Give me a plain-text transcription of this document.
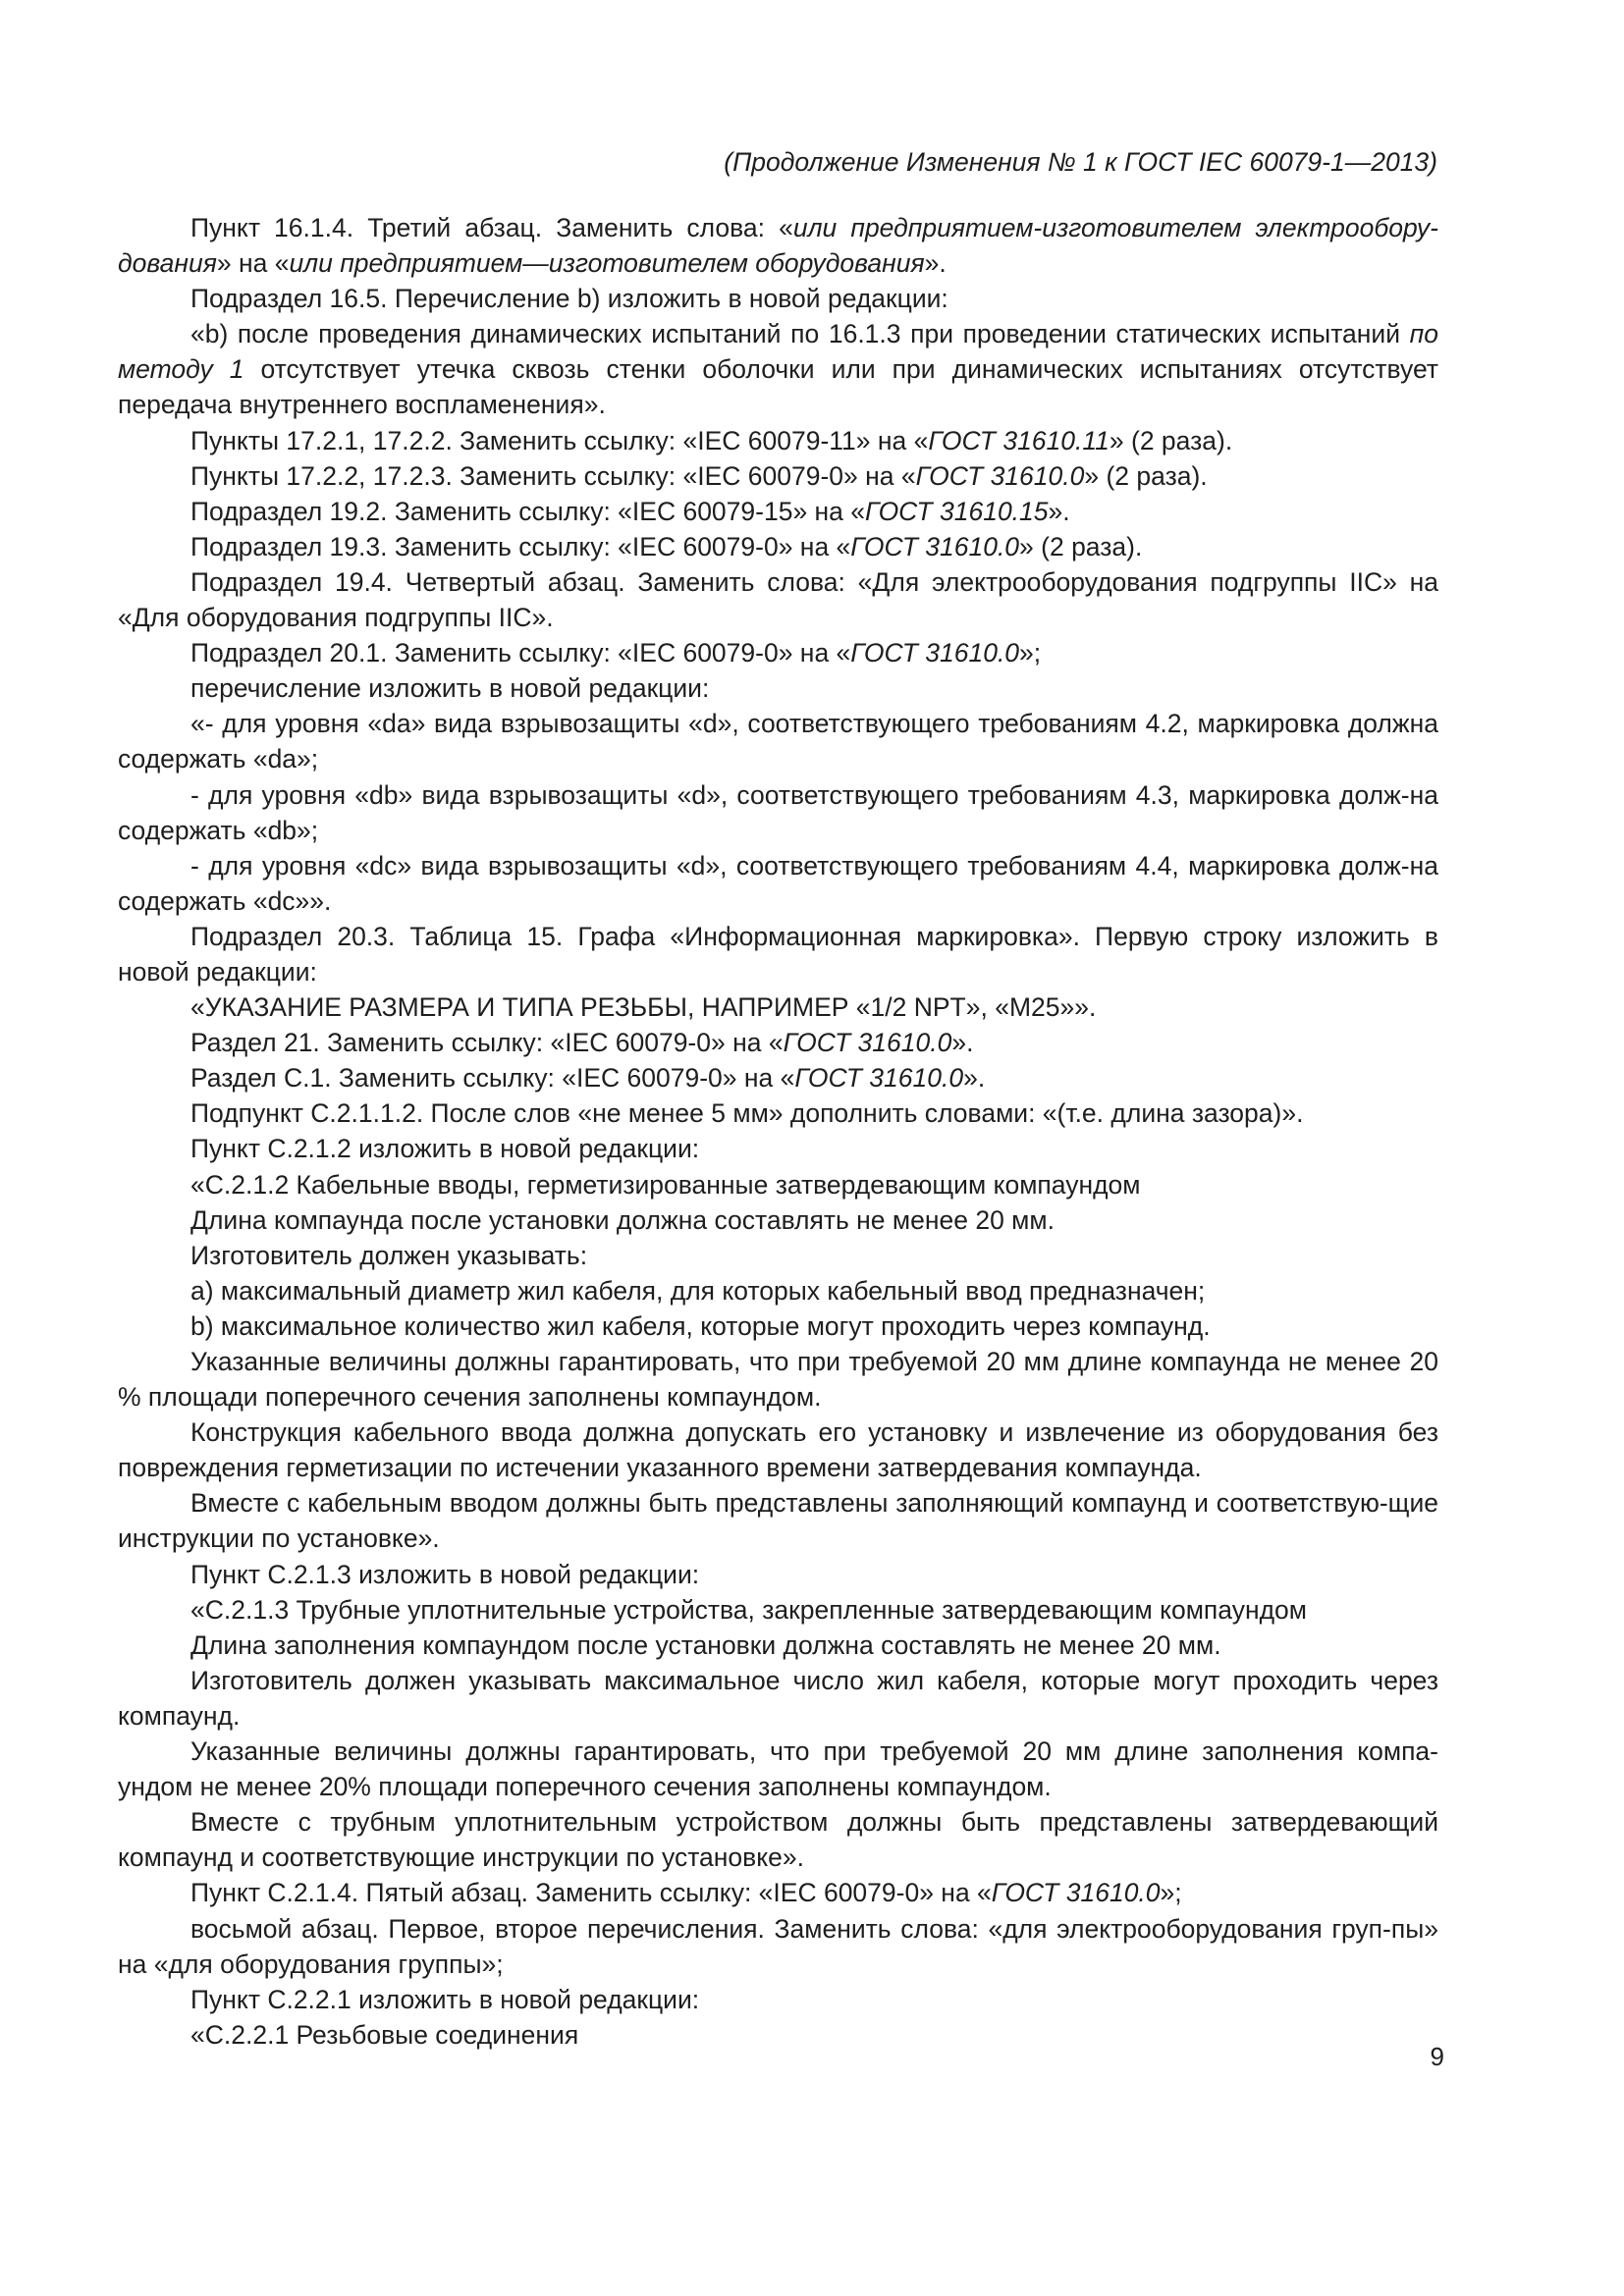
(Продолжение Изменения № 1 к ГОСТ IEC 60079-1—2013)

Пункт 16.1.4. Третий абзац. Заменить слова: «или предприятием-изготовителем электрообору-дования» на «или предприятием—изготовителем оборудования».

Подраздел 16.5. Перечисление b) изложить в новой редакции:

«b) после проведения динамических испытаний по 16.1.3 при проведении статических испытаний по методу 1 отсутствует утечка сквозь стенки оболочки или при динамических испытаниях отсутствует передача внутреннего воспламенения».

Пункты 17.2.1, 17.2.2. Заменить ссылку: «IEC 60079-11» на «ГОСТ 31610.11» (2 раза).

Пункты 17.2.2, 17.2.3. Заменить ссылку: «IEC 60079-0» на «ГОСТ 31610.0» (2 раза).

Подраздел 19.2. Заменить ссылку: «IEC 60079-15» на «ГОСТ 31610.15».

Подраздел 19.3. Заменить ссылку: «IEC 60079-0» на «ГОСТ 31610.0» (2 раза).

Подраздел 19.4. Четвертый абзац. Заменить слова: «Для электрооборудования подгруппы IIC» на «Для оборудования подгруппы IIC».

Подраздел 20.1. Заменить ссылку: «IEC 60079-0» на «ГОСТ 31610.0»;

перечисление изложить в новой редакции:

«- для уровня «da» вида взрывозащиты «d», соответствующего требованиям 4.2, маркировка должна содержать «da»;

- для уровня «db» вида взрывозащиты «d», соответствующего требованиям 4.3, маркировка долж-на содержать «db»;

- для уровня «dc» вида взрывозащиты «d», соответствующего требованиям 4.4, маркировка долж-на содержать «dc»».

Подраздел 20.3. Таблица 15. Графа «Информационная маркировка». Первую строку изложить в новой редакции:

«УКАЗАНИЕ РАЗМЕРА И ТИПА РЕЗЬБЫ, НАПРИМЕР «1/2 NPT», «M25»».

Раздел 21. Заменить ссылку: «IEC 60079-0» на «ГОСТ 31610.0».

Раздел С.1. Заменить ссылку: «IEC 60079-0» на «ГОСТ 31610.0».

Подпункт С.2.1.1.2. После слов «не менее 5 мм» дополнить словами: «(т.е. длина зазора)».

Пункт С.2.1.2 изложить в новой редакции:

«С.2.1.2 Кабельные вводы, герметизированные затвердевающим компаундом

Длина компаунда после установки должна составлять не менее 20 мм.

Изготовитель должен указывать:

a) максимальный диаметр жил кабеля, для которых кабельный ввод предназначен;

b) максимальное количество жил кабеля, которые могут проходить через компаунд.

Указанные величины должны гарантировать, что при требуемой 20 мм длине компаунда не менее 20 % площади поперечного сечения заполнены компаундом.

Конструкция кабельного ввода должна допускать его установку и извлечение из оборудования без повреждения герметизации по истечении указанного времени затвердевания компаунда.

Вместе с кабельным вводом должны быть представлены заполняющий компаунд и соответствую-щие инструкции по установке».

Пункт С.2.1.3 изложить в новой редакции:

«С.2.1.3 Трубные уплотнительные устройства, закрепленные затвердевающим компаундом

Длина заполнения компаундом после установки должна составлять не менее 20 мм.

Изготовитель должен указывать максимальное число жил кабеля, которые могут проходить через компаунд.

Указанные величины должны гарантировать, что при требуемой 20 мм длине заполнения компа-ундом не менее 20% площади поперечного сечения заполнены компаундом.

Вместе с трубным уплотнительным устройством должны быть представлены затвердевающий компаунд и соответствующие инструкции по установке».

Пункт С.2.1.4. Пятый абзац. Заменить ссылку: «IEC 60079-0» на «ГОСТ 31610.0»;

восьмой абзац. Первое, второе перечисления. Заменить слова: «для электрооборудования груп-пы» на «для оборудования группы»;

Пункт С.2.2.1 изложить в новой редакции:

«С.2.2.1 Резьбовые соединения

9
